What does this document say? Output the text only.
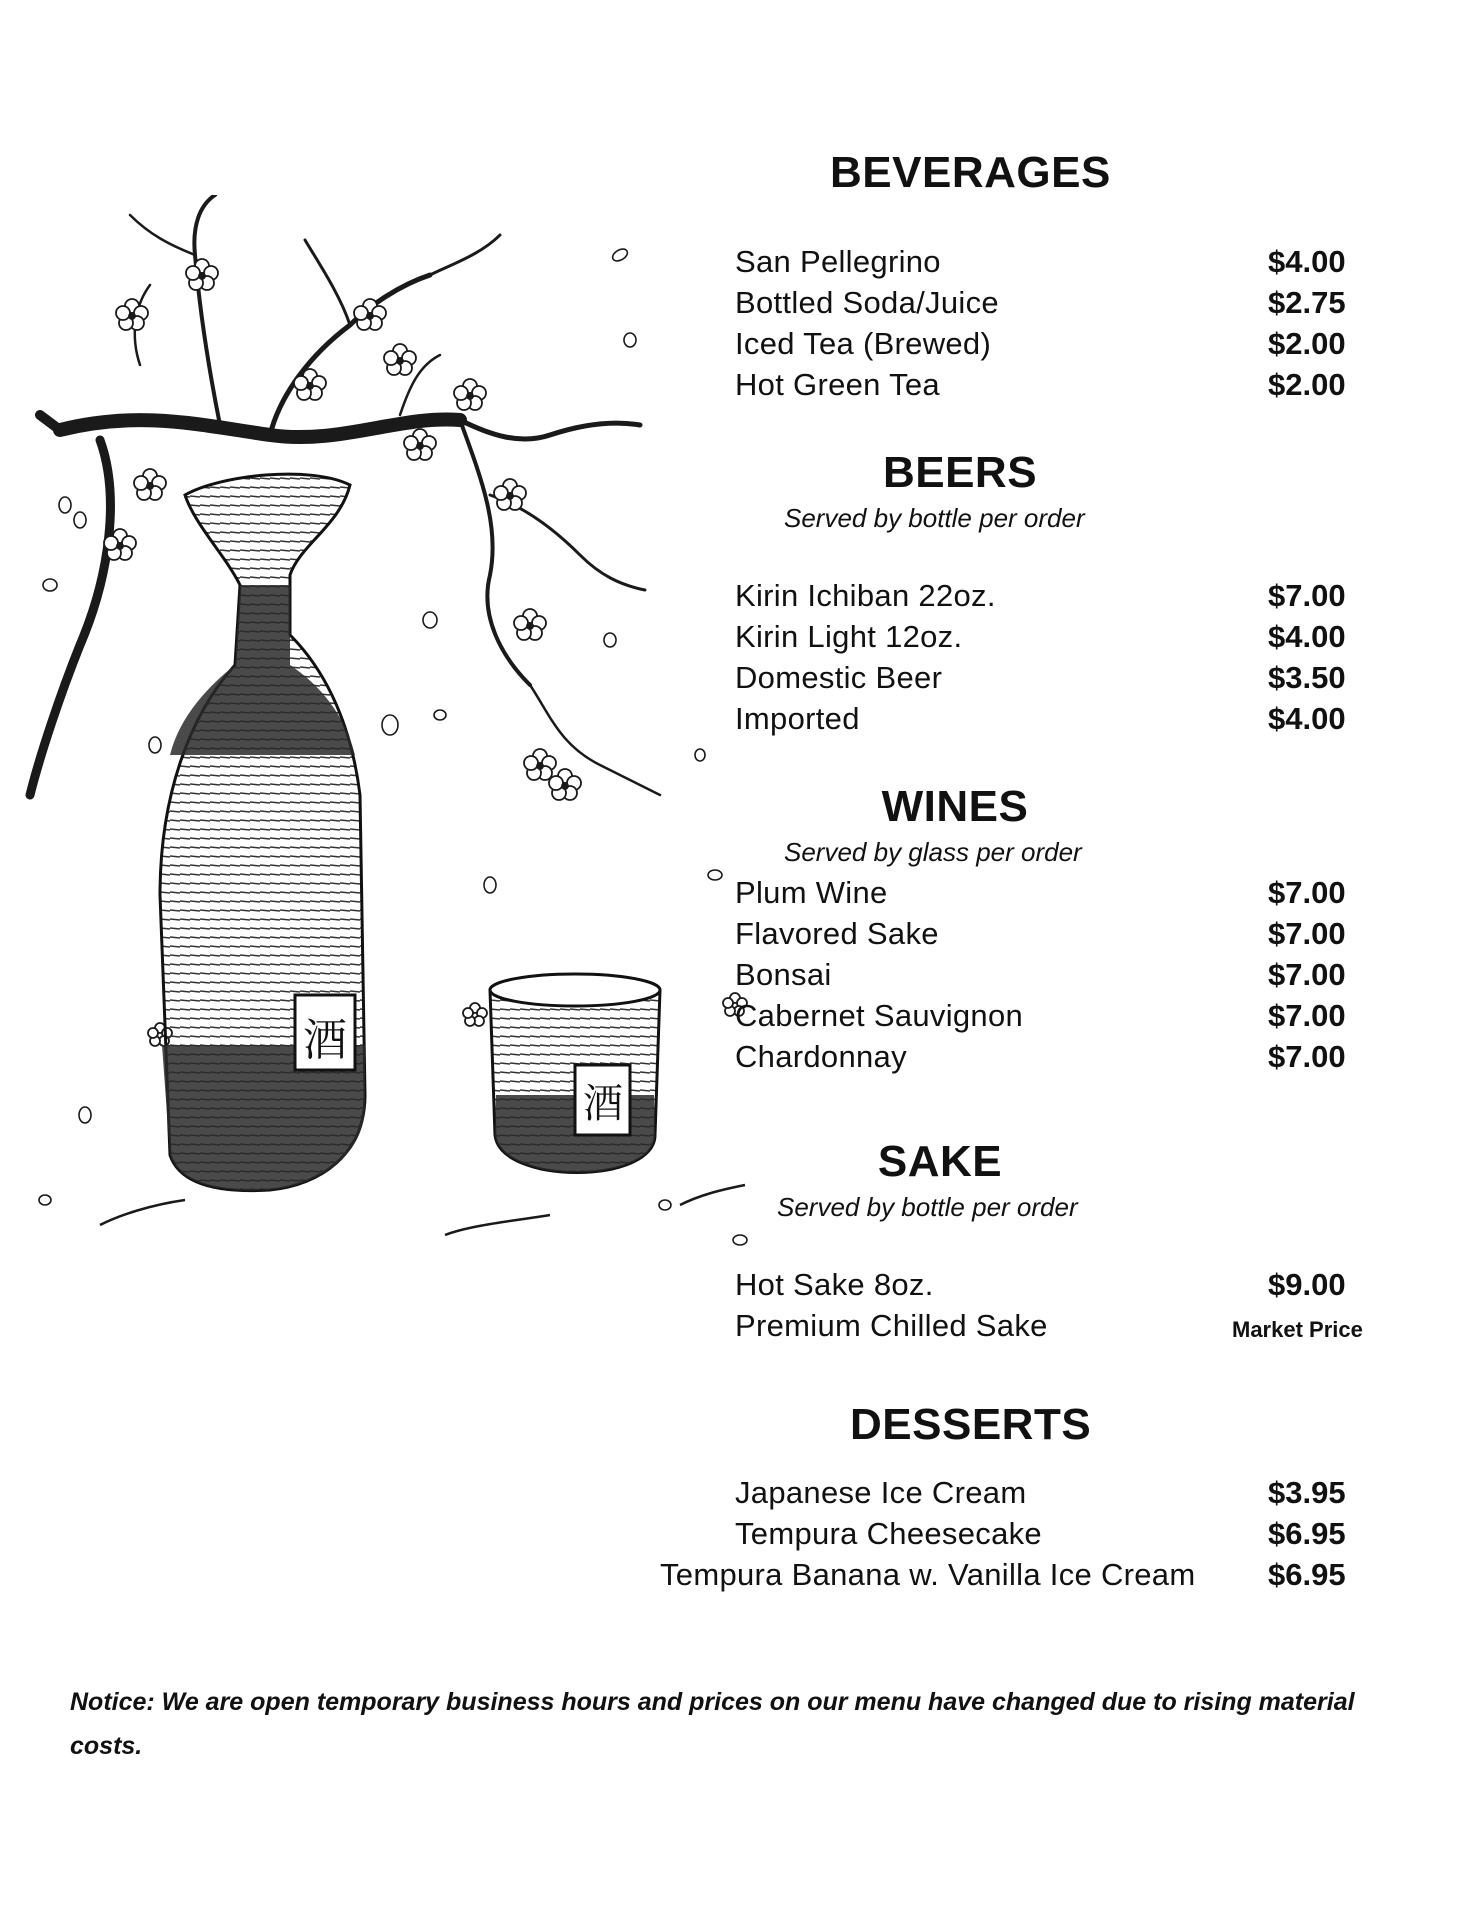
酒
酒
BEVERAGES
San Pellegrino	$4.00
Bottled Soda/Juice	$2.75
Iced Tea (Brewed)	$2.00
Hot Green Tea	$2.00
BEERS
Served by bottle per order
Kirin Ichiban 22oz.	$7.00
Kirin Light 12oz.	$4.00
Domestic Beer	$3.50
Imported	$4.00
WINES
Served by glass per order
Plum Wine	$7.00
Flavored Sake	$7.00
Bonsai	$7.00
Cabernet Sauvignon	$7.00
Chardonnay	$7.00
SAKE
Served by bottle per order
Hot Sake 8oz.	$9.00
Premium Chilled Sake	Market Price
DESSERTS
Japanese Ice Cream	$3.95
Tempura Cheesecake	$6.95
Tempura Banana w. Vanilla Ice Cream $6.95
Notice: We are open temporary business hours and prices on our menu have changed due to rising material costs.
